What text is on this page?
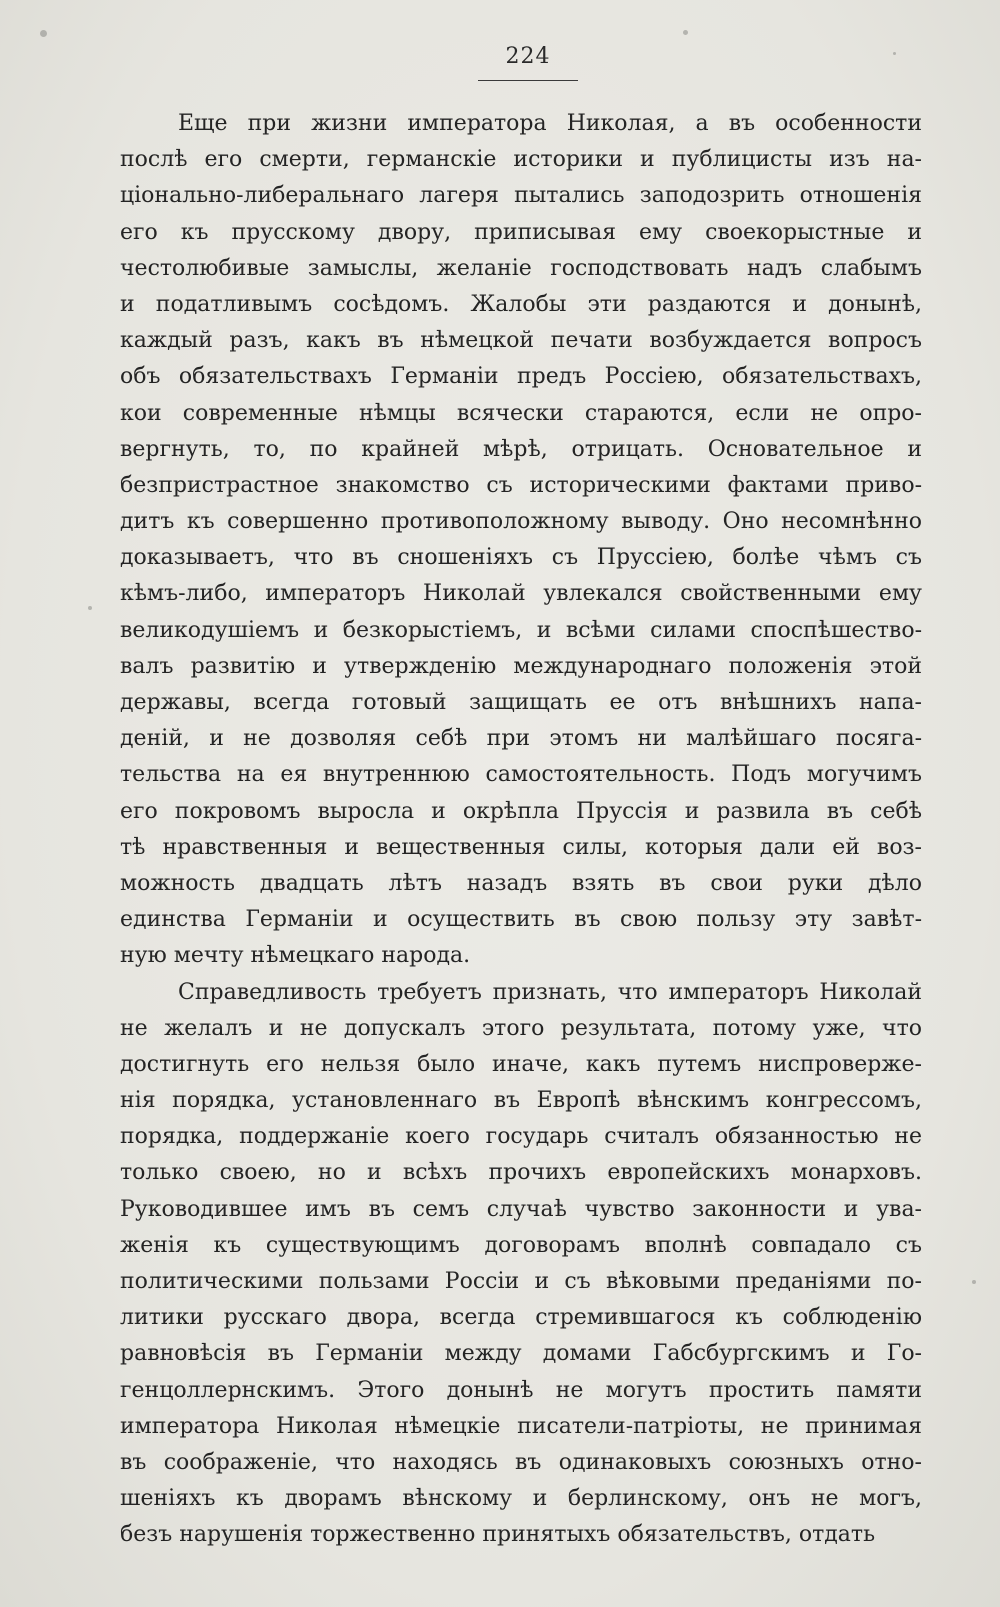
224
Еще при жизни императора Николая, а въ особенности
послѣ его смерти, германскіе историки и публицисты изъ на-
ціонально-либеральнаго лагеря пытались заподозрить отношенія
его къ прусскому двору, приписывая ему своекорыстные и
честолюбивые замыслы, желаніе господствовать надъ слабымъ
и податливымъ сосѣдомъ. Жалобы эти раздаются и донынѣ,
каждый разъ, какъ въ нѣмецкой печати возбуждается вопросъ
объ обязательствахъ Германіи предъ Россіею, обязательствахъ,
кои современные нѣмцы всячески стараются, если не опро-
вергнуть, то, по крайней мѣрѣ, отрицать. Основательное и
безпристрастное знакомство съ историческими фактами приво-
дитъ къ совершенно противоположному выводу. Оно несомнѣнно
доказываетъ, что въ сношеніяхъ съ Пруссіею, болѣе чѣмъ съ
кѣмъ-либо, императоръ Николай увлекался свойственными ему
великодушіемъ и безкорыстіемъ, и всѣми силами споспѣшество-
валъ развитію и утвержденію международнаго положенія этой
державы, всегда готовый защищать ее отъ внѣшнихъ напа-
деній, и не дозволяя себѣ при этомъ ни малѣйшаго посяга-
тельства на ея внутреннюю самостоятельность. Подъ могучимъ
его покровомъ выросла и окрѣпла Пруссія и развила въ себѣ
тѣ нравственныя и вещественныя силы, которыя дали ей воз-
можность двадцать лѣтъ назадъ взять въ свои руки дѣло
единства Германіи и осуществить въ свою пользу эту завѣт-
ную мечту нѣмецкаго народа.
Справедливость требуетъ признать, что императоръ Николай
не желалъ и не допускалъ этого результата, потому уже, что
достигнуть его нельзя было иначе, какъ путемъ ниспроверже-
нія порядка, установленнаго въ Европѣ вѣнскимъ конгрессомъ,
порядка, поддержаніе коего государь считалъ обязанностью не
только своею, но и всѣхъ прочихъ европейскихъ монарховъ.
Руководившее имъ въ семъ случаѣ чувство законности и ува-
женія къ существующимъ договорамъ вполнѣ совпадало съ
политическими пользами Россіи и съ вѣковыми преданіями по-
литики русскаго двора, всегда стремившагося къ соблюденію
равновѣсія въ Германіи между домами Габсбургскимъ и Го-
генцоллернскимъ. Этого донынѣ не могутъ простить памяти
императора Николая нѣмецкіе писатели-патріоты, не принимая
въ соображеніе, что находясь въ одинаковыхъ союзныхъ отно-
шеніяхъ къ дворамъ вѣнскому и берлинскому, онъ не могъ,
безъ нарушенія торжественно принятыхъ обязательствъ, отдать
